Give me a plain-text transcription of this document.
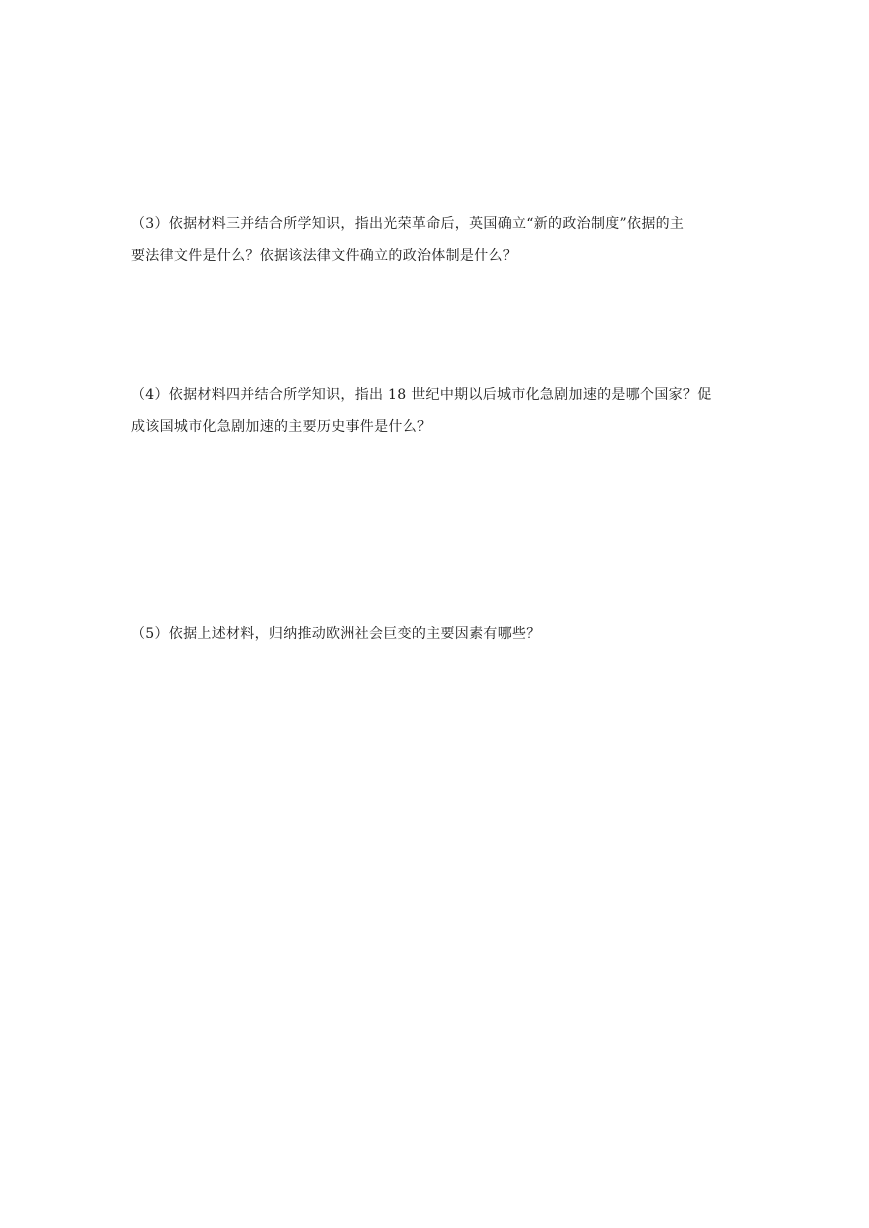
（3）依据材料三并结合所学知识，指出光荣革命后，英国确立“新的政治制度”依据的主

要法律文件是什么？依据该法律文件确立的政治体制是什么？

（4）依据材料四并结合所学知识，指出 18 世纪中期以后城市化急剧加速的是哪个国家？促

成该国城市化急剧加速的主要历史事件是什么？

（5）依据上述材料，归纳推动欧洲社会巨变的主要因素有哪些？
